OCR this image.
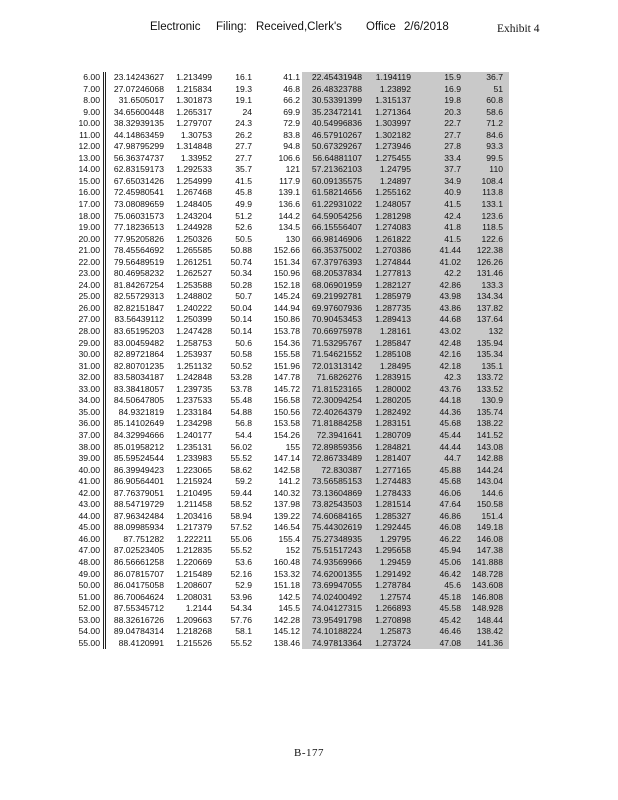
Electronic Filing: Received,Clerk's Office 2/6/2018	Exhibit 4
6.00	23.14243627	1.213499	16.1	41.1	22.45431948	1.194119	15.9	36.7
7.00	27.07246068	1.215834	19.3	46.8	26.48323788	1.23892	16.9	51
8.00	31.6505017	1.301873	19.1	66.2	30.53391399	1.315137	19.8	60.8
9.00	34.65600448	1.265317	24	69.9	35.23472141	1.271364	20.3	58.6
10.00	38.32939135	1.279707	24.3	72.9	40.54996836	1.303997	22.7	71.2
11.00	44.14863459	1.30753	26.2	83.8	46.57910267	1.302182	27.7	84.6
12.00	47.98795299	1.314848	27.7	94.8	50.67329267	1.273946	27.8	93.3
13.00	56.36374737	1.33952	27.7	106.6	56.64881107	1.275455	33.4	99.5
14.00	62.83159173	1.292533	35.7	121	57.21362103	1.24795	37.7	110
15.00	67.65031426	1.254999	41.5	117.9	60.09135575	1.24897	34.9	108.4
16.00	72.45980541	1.267468	45.8	139.1	61.58214656	1.255162	40.9	113.8
17.00	73.08089659	1.248405	49.9	136.6	61.22931022	1.248057	41.5	133.1
18.00	75.06031573	1.243204	51.2	144.2	64.59054256	1.281298	42.4	123.6
19.00	77.18236513	1.244928	52.6	134.5	66.15556407	1.274083	41.8	118.5
20.00	77.95205826	1.250326	50.5	130	66.98146906	1.261822	41.5	122.6
21.00	78.45564692	1.265585	50.88	152.66	66.35375002	1.270386	41.44	122.38
22.00	79.56489519	1.261251	50.74	151.34	67.37976393	1.274844	41.02	126.26
23.00	80.46958232	1.262527	50.34	150.96	68.20537834	1.277813	42.2	131.46
24.00	81.84267254	1.253588	50.28	152.18	68.06901959	1.282127	42.86	133.3
25.00	82.55729313	1.248802	50.7	145.24	69.21992781	1.285979	43.98	134.34
26.00	82.82151847	1.240222	50.04	144.94	69.97607936	1.287735	43.86	137.82
27.00	83.56439112	1.250399	50.14	150.86	70.90453453	1.289413	44.68	137.64
28.00	83.65195203	1.247428	50.14	153.78	70.66975978	1.28161	43.02	132
29.00	83.00459482	1.258753	50.6	154.36	71.53295767	1.285847	42.48	135.94
30.00	82.89721864	1.253937	50.58	155.58	71.54621552	1.285108	42.16	135.34
31.00	82.80701235	1.251132	50.52	151.96	72.01313142	1.28495	42.18	135.1
32.00	83.58034187	1.242848	53.28	147.78	71.6826276	1.283915	42.3	133.72
33.00	83.38418057	1.239735	53.78	145.72	71.81523165	1.280002	43.76	133.52
34.00	84.50647805	1.237533	55.48	156.58	72.30094254	1.280205	44.18	130.9
35.00	84.9321819	1.233184	54.88	150.56	72.40264379	1.282492	44.36	135.74
36.00	85.14102649	1.234298	56.8	153.58	71.81884258	1.283151	45.68	138.22
37.00	84.32994666	1.240177	54.4	154.26	72.3941641	1.280709	45.44	141.52
38.00	85.01958212	1.235131	56.02	155	72.89859356	1.284821	44.44	143.08
39.00	85.59524544	1.233983	55.52	147.14	72.86733489	1.281407	44.7	142.88
40.00	86.39949423	1.223065	58.62	142.58	72.830387	1.277165	45.88	144.24
41.00	86.90564401	1.215924	59.2	141.2	73.56585153	1.274483	45.68	143.04
42.00	87.76379051	1.210495	59.44	140.32	73.13604869	1.278433	46.06	144.6
43.00	88.54719729	1.211458	58.52	137.98	73.82543503	1.281514	47.64	150.58
44.00	87.96342484	1.203416	58.94	139.22	74.60684165	1.285327	46.86	151.4
45.00	88.09985934	1.217379	57.52	146.54	75.44302619	1.292445	46.08	149.18
46.00	87.751282	1.222211	55.06	155.4	75.27348935	1.29795	46.22	146.08
47.00	87.02523405	1.212835	55.52	152	75.51517243	1.295658	45.94	147.38
48.00	86.56661258	1.220669	53.6	160.48	74.93569966	1.29459	45.06	141.888
49.00	86.07815707	1.215489	52.16	153.32	74.62001355	1.291492	46.42	148.728
50.00	86.04175058	1.208607	52.9	151.18	73.69947055	1.278784	45.6	143.608
51.00	86.70064624	1.208031	53.96	142.5	74.02400492	1.27574	45.18	146.808
52.00	87.55345712	1.2144	54.34	145.5	74.04127315	1.266893	45.58	148.928
53.00	88.32616726	1.209663	57.76	142.28	73.95491798	1.270898	45.42	148.44
54.00	89.04784314	1.218268	58.1	145.12	74.10188224	1.25873	46.46	138.42
55.00	88.4120991	1.215526	55.52	138.46	74.97813364	1.273724	47.08	141.36
B-177
